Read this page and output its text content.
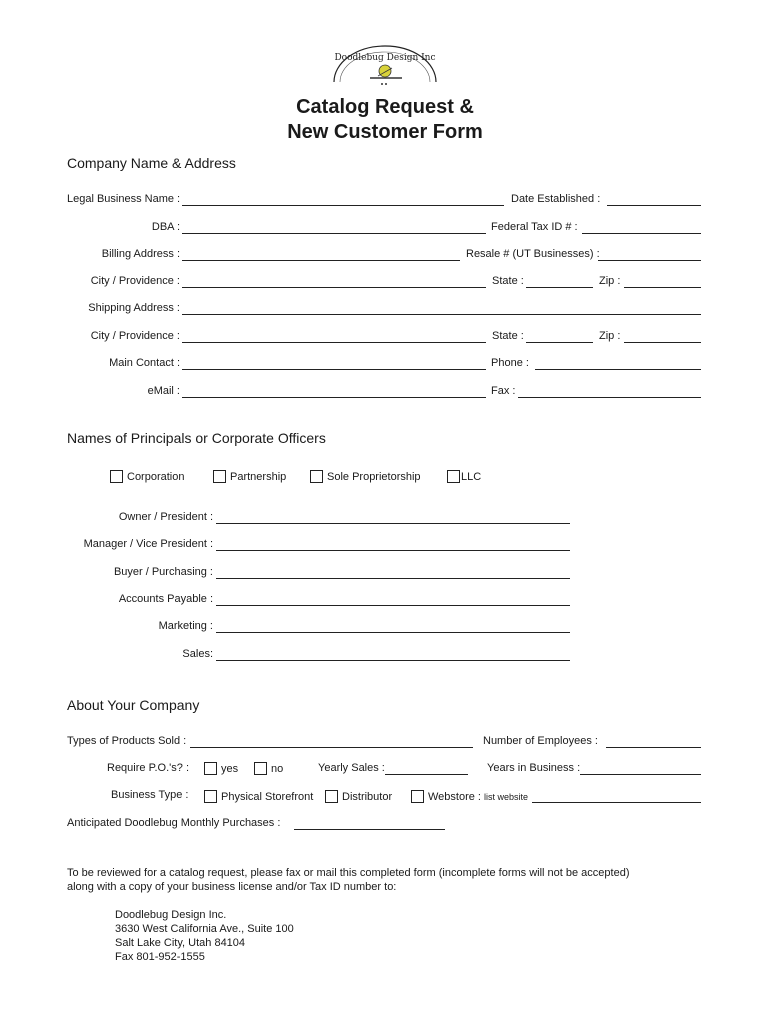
Doodlebug Design Inc
Catalog Request &
New Customer Form
Company Name & Address
Legal Business Name :	Date Established :
DBA :	Federal Tax ID # :
Billing Address :	Resale # (UT Businesses) :
City / Providence :	State :	Zip :
Shipping Address :
City / Providence :	State :	Zip :
Main Contact :	Phone :
eMail :	Fax :
Names of Principals or Corporate Officers
Corporation	Partnership	Sole Proprietorship	LLC
Owner / President :
Manager / Vice President :
Buyer / Purchasing :
Accounts Payable :
Marketing :
Sales:
About Your Company
Types of Products Sold :	Number of Employees :
Require P.O.'s? :	yes	no	Yearly Sales :	Years in Business :
Business Type :	Physical Storefront	Distributor	Webstore : list website
Anticipated Doodlebug Monthly Purchases :
To be reviewed for a catalog request, please fax or mail this completed form (incomplete forms will not be accepted)
along with a copy of your business license and/or Tax ID number to:
Doodlebug Design Inc.
3630 West California Ave., Suite 100
Salt Lake City, Utah 84104
Fax 801-952-1555
